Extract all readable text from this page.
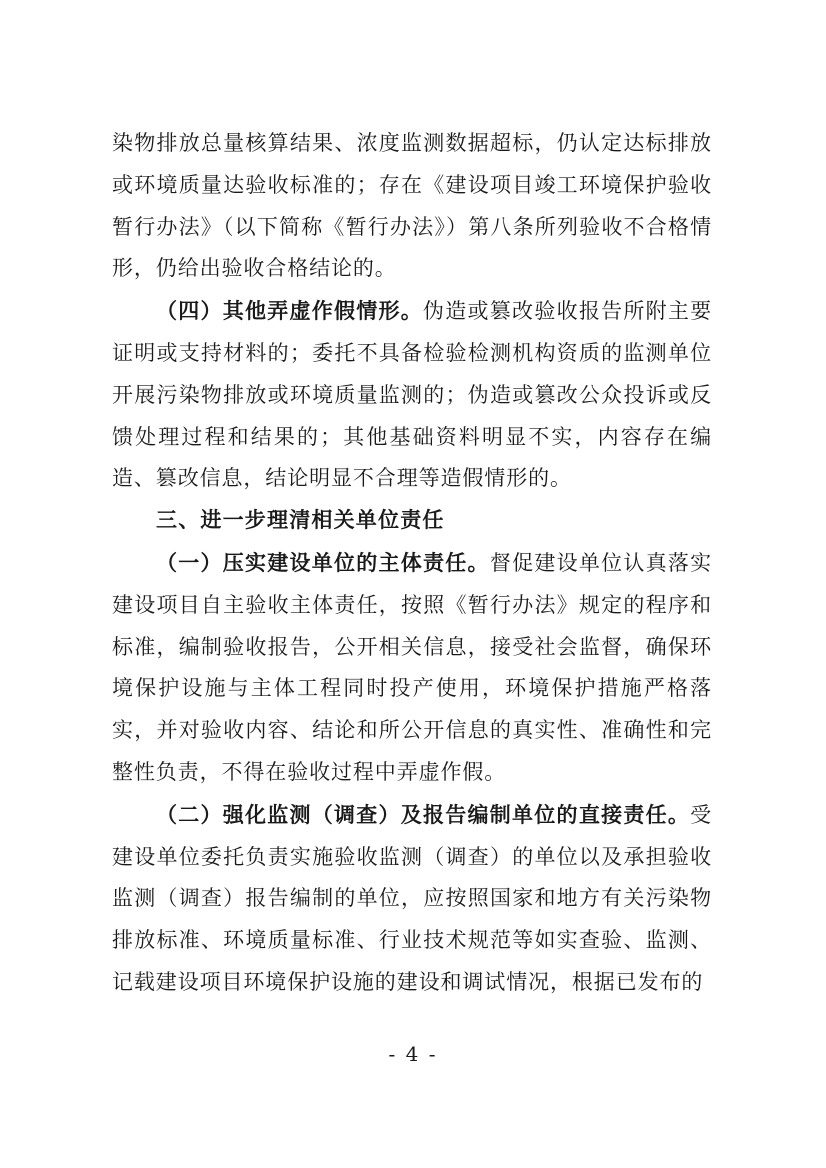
染物排放总量核算结果、浓度监测数据超标，仍认定达标排放或环境质量达验收标准的；存在《建设项目竣工环境保护验收暂行办法》（以下简称《暂行办法》）第八条所列验收不合格情形，仍给出验收合格结论的。

（四）其他弄虚作假情形。伪造或篡改验收报告所附主要证明或支持材料的；委托不具备检验检测机构资质的监测单位开展污染物排放或环境质量监测的；伪造或篡改公众投诉或反馈处理过程和结果的；其他基础资料明显不实，内容存在编造、篡改信息，结论明显不合理等造假情形的。

三、进一步理清相关单位责任

（一）压实建设单位的主体责任。督促建设单位认真落实建设项目自主验收主体责任，按照《暂行办法》规定的程序和标准，编制验收报告，公开相关信息，接受社会监督，确保环境保护设施与主体工程同时投产使用，环境保护措施严格落实，并对验收内容、结论和所公开信息的真实性、准确性和完整性负责，不得在验收过程中弄虚作假。

（二）强化监测（调查）及报告编制单位的直接责任。受建设单位委托负责实施验收监测（调查）的单位以及承担验收监测（调查）报告编制的单位，应按照国家和地方有关污染物排放标准、环境质量标准、行业技术规范等如实查验、监测、记载建设项目环境保护设施的建设和调试情况，根据已发布的

- 4 -
